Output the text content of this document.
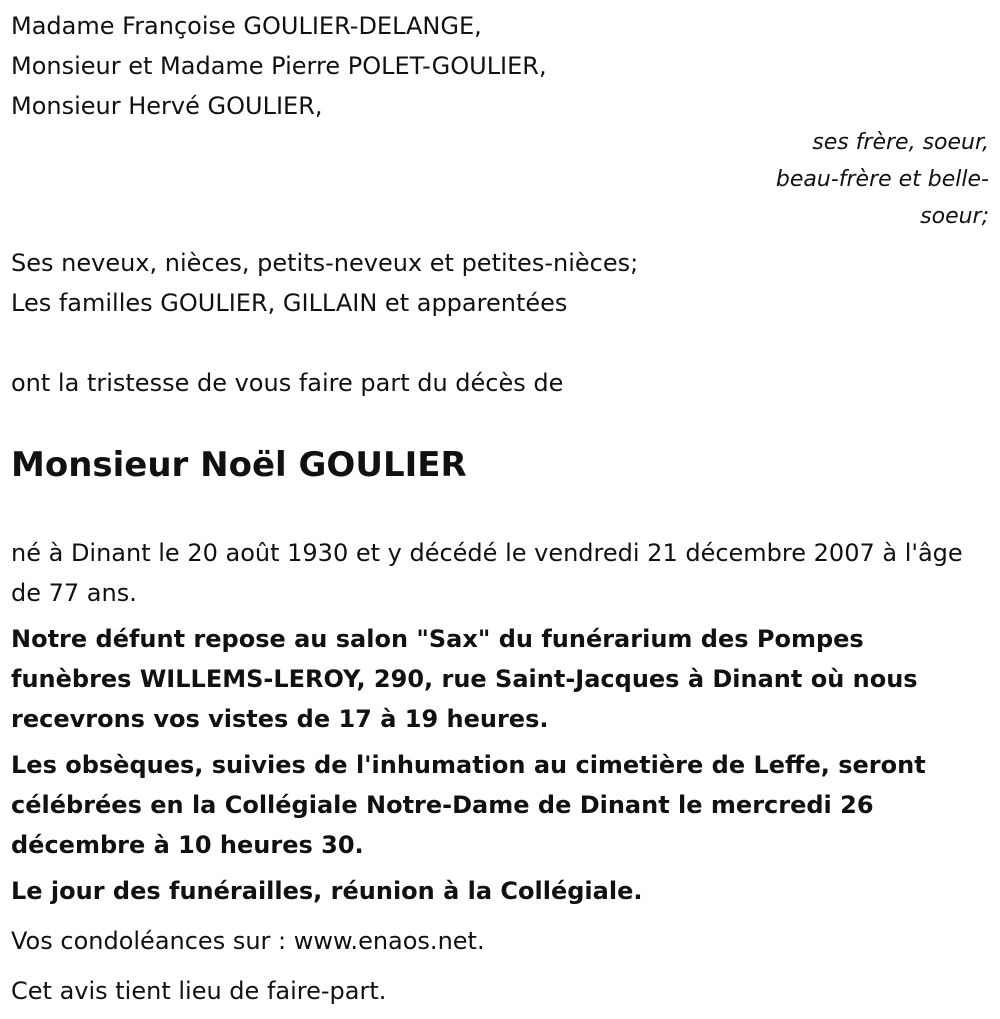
Madame Françoise GOULIER-DELANGE,
Monsieur et Madame Pierre POLET-GOULIER,
Monsieur Hervé GOULIER,
ses frère, soeur,
beau-frère et belle-
soeur;
Ses neveux, nièces, petits-neveux et petites-nièces;
Les familles GOULIER, GILLAIN et apparentées
ont la tristesse de vous faire part du décès de
Monsieur Noël GOULIER
né à Dinant le 20 août 1930 et y décédé le vendredi 21 décembre 2007 à l'âge de 77 ans.
Notre défunt repose au salon "Sax" du funérarium des Pompes funèbres WILLEMS-LEROY, 290, rue Saint-Jacques à Dinant où nous recevrons vos vistes de 17 à 19 heures.
Les obsèques, suivies de l'inhumation au cimetière de Leffe, seront célébrées en la Collégiale Notre-Dame de Dinant le mercredi 26 décembre à 10 heures 30.
Le jour des funérailles, réunion à la Collégiale.
Vos condoléances sur : www.enaos.net.
Cet avis tient lieu de faire-part.
